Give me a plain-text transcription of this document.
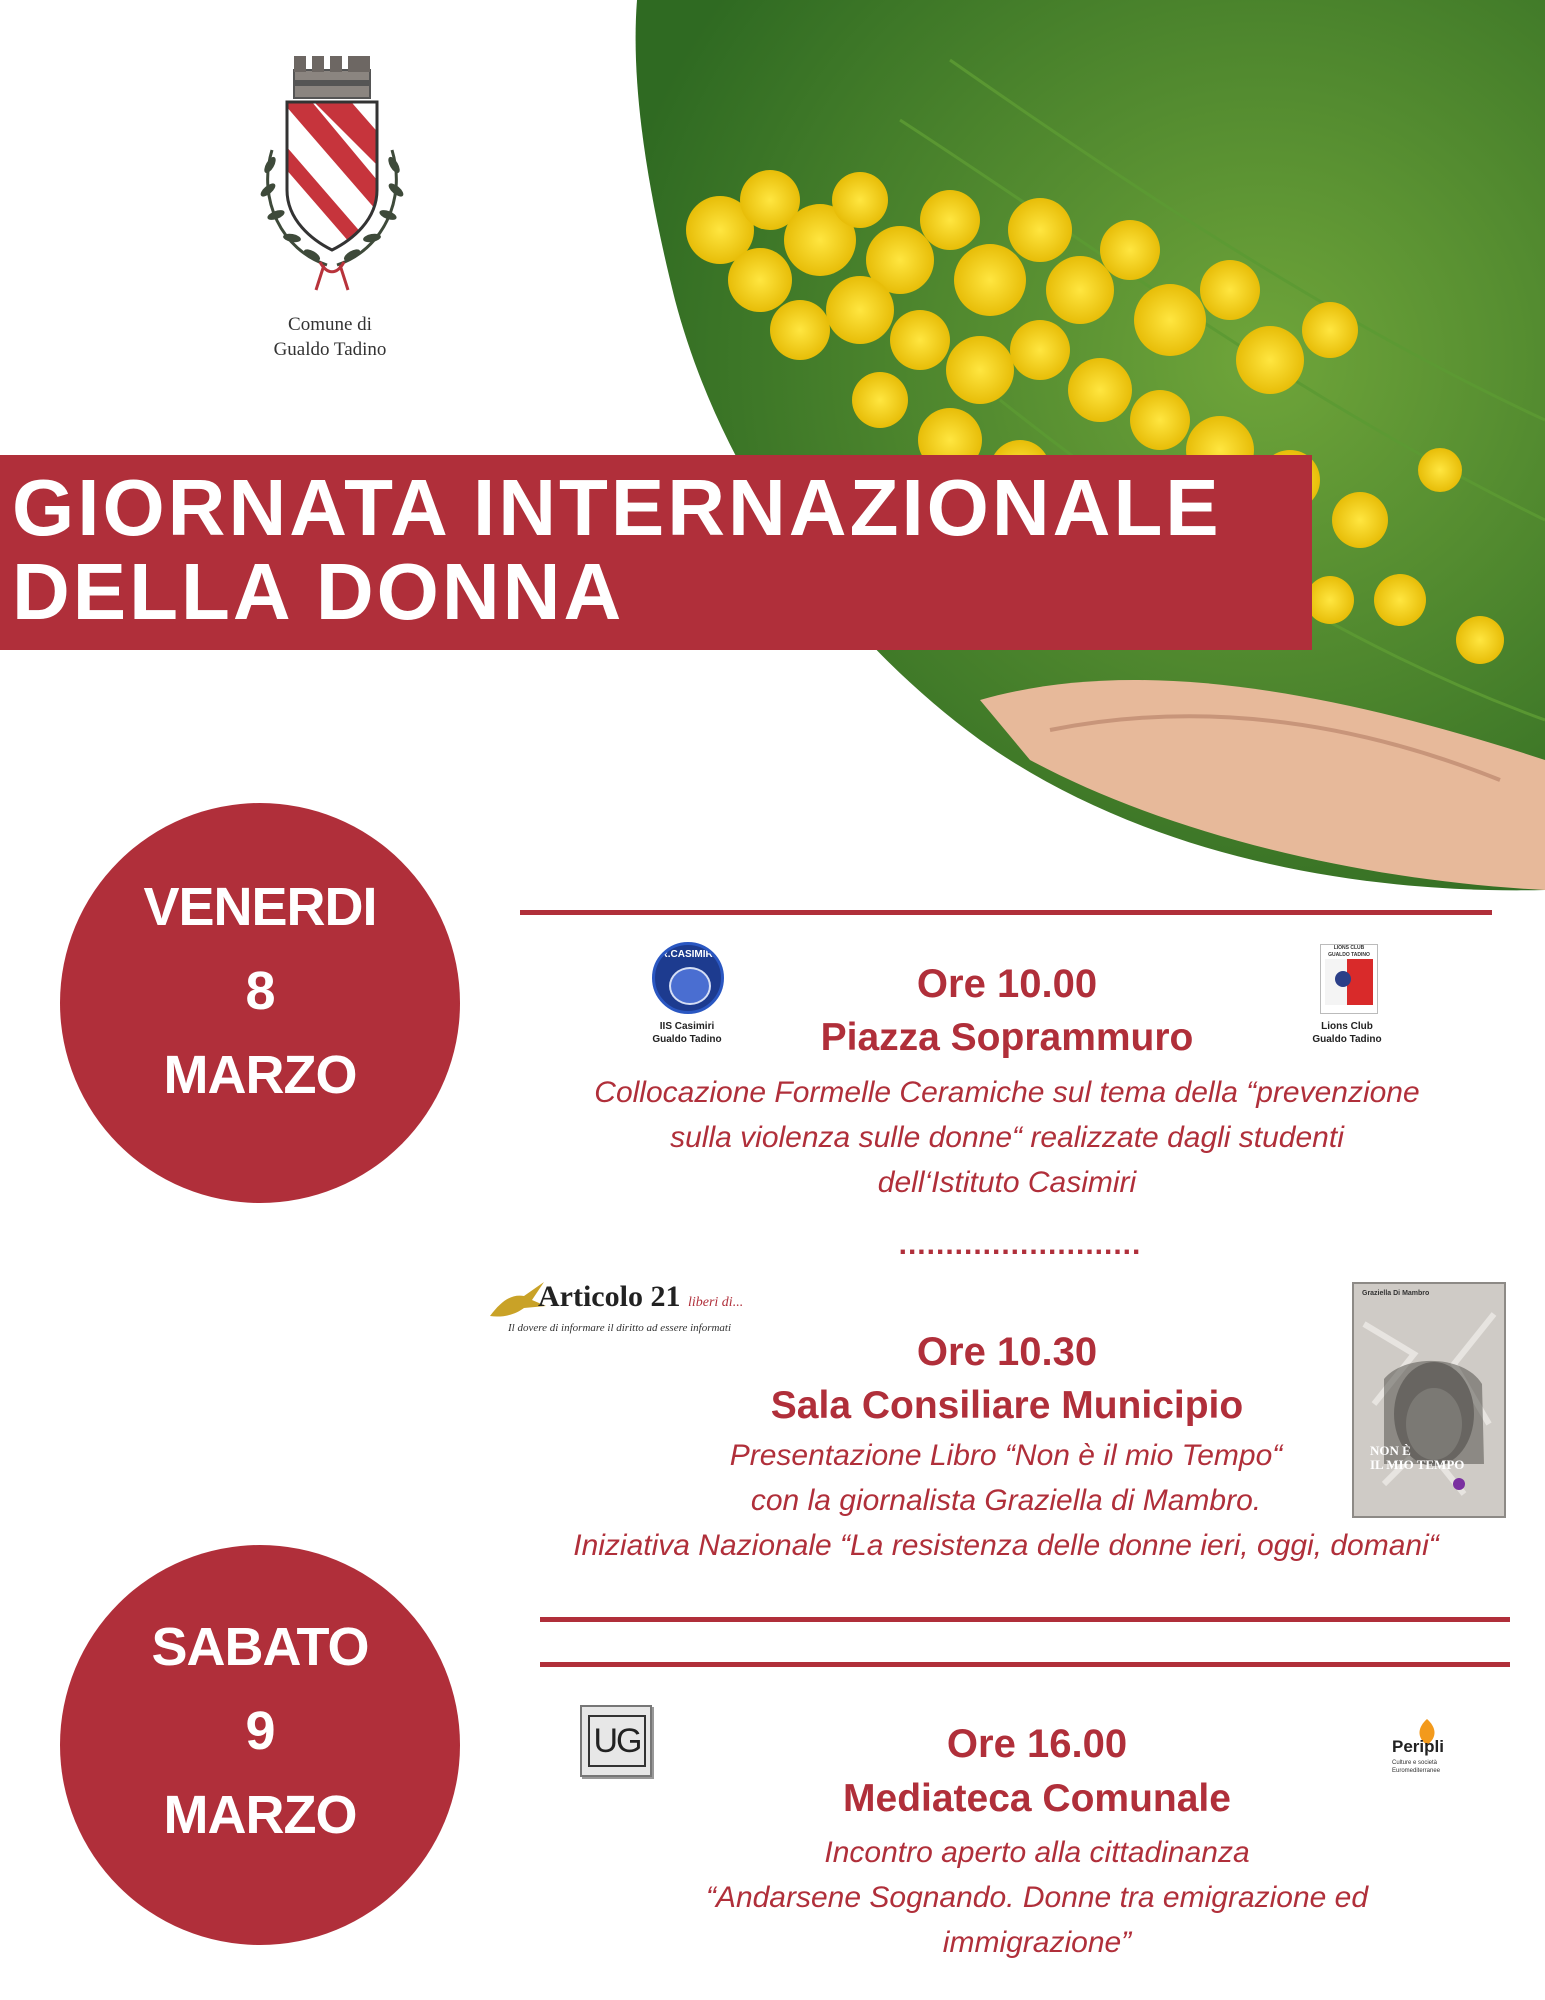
Comune di
Gualdo Tadino
GIORNATA INTERNAZIONALE
DELLA DONNA
VENERDI
8
MARZO
SABATO
9
MARZO
R.CASIMIRI
IIS Casimiri
Gualdo Tadino
LIONS CLUB
GUALDO TADINO
Lions Club
Gualdo Tadino
Ore 10.00
Piazza Soprammuro
Collocazione Formelle Ceramiche sul tema della “prevenzione
sulla violenza sulle donne“ realizzate dagli studenti
dell‘Istituto Casimiri
..........................
Articolo 21 liberi di...
Il dovere di informare il diritto ad essere informati
Graziella Di Mambro
NON È
IL MIO TEMPO
Ore 10.30
Sala Consiliare Municipio
Presentazione Libro “Non è il mio Tempo“
con la giornalista Graziella di Mambro.
Iniziativa Nazionale “La resistenza delle donne ieri, oggi, domani“
UG	Peripli
Culture e società
Euromediterranee
Ore 16.00
Mediateca Comunale
Incontro aperto alla cittadinanza
“Andarsene Sognando. Donne tra emigrazione ed
immigrazione”
